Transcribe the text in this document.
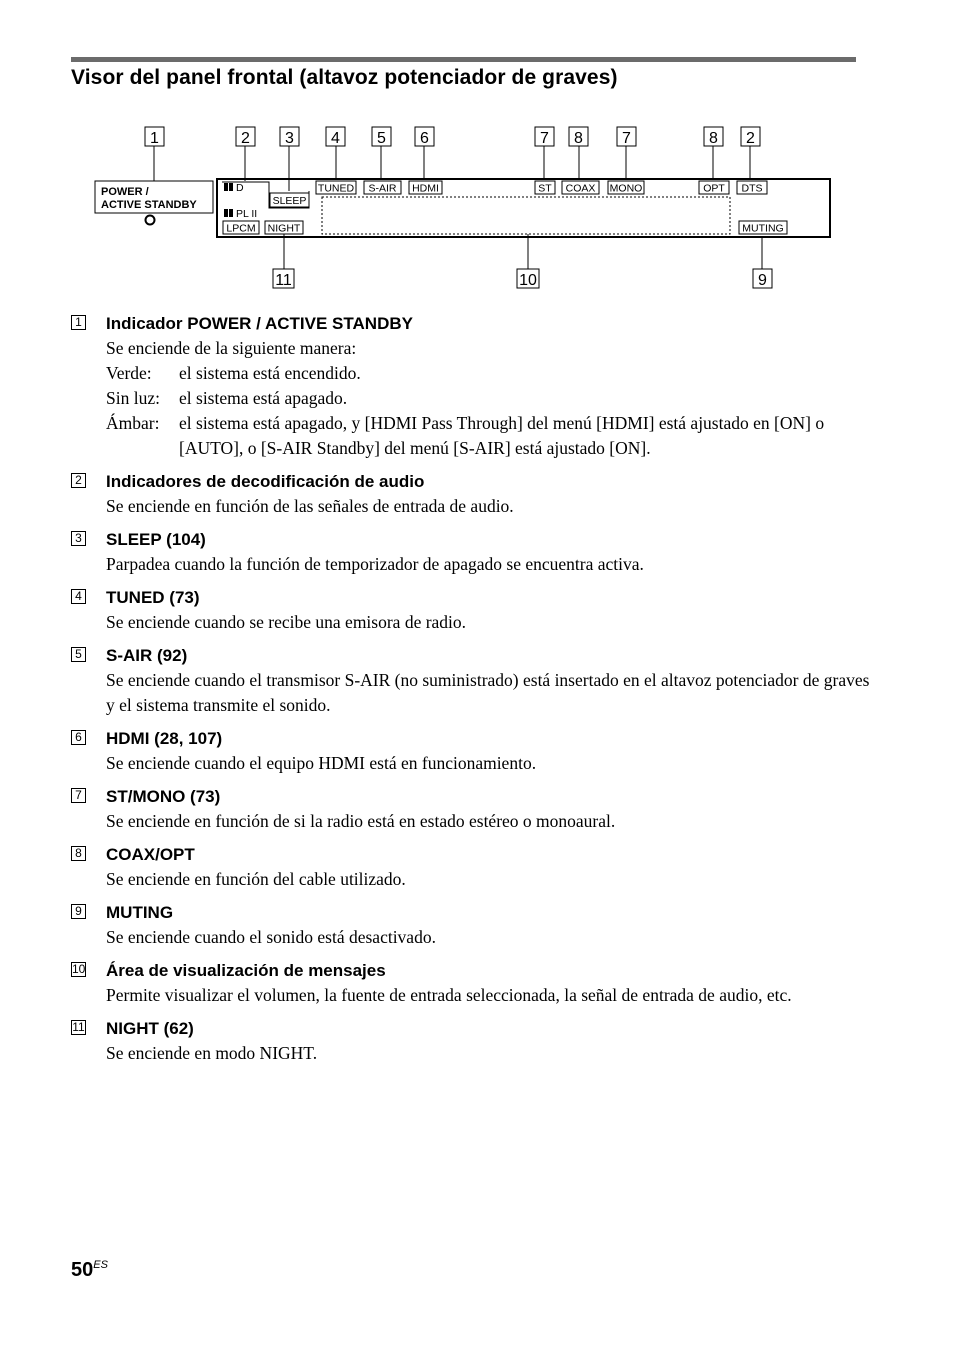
Visor del panel frontal (altavoz potenciador de graves)
1	2 3 4 5 6	7 8 7	8 2
11	10	9
POWER /
ACTIVE STANDBY
D
PL II
SLEEP
TUNED S-AIR HDMI	ST COAX MONO	OPT DTS
LPCM NIGHT	MUTING
1 Indicador POWER / ACTIVE STANDBY
Se enciende de la siguiente manera:
Verde:	el sistema está encendido.
Sin luz:	el sistema está apagado.
Ámbar:	el sistema está apagado, y [HDMI Pass Through] del menú [HDMI] está ajustado en [ON] o [AUTO], o [S-AIR Standby] del menú [S-AIR] está ajustado [ON].
2 Indicadores de decodificación de audio
Se enciende en función de las señales de entrada de audio.
3 SLEEP (104)
Parpadea cuando la función de temporizador de apagado se encuentra activa.
4 TUNED (73)
Se enciende cuando se recibe una emisora de radio.
5 S-AIR (92)
Se enciende cuando el transmisor S-AIR (no suministrado) está insertado en el altavoz potenciador de graves y el sistema transmite el sonido.
6 HDMI (28, 107)
Se enciende cuando el equipo HDMI está en funcionamiento.
7 ST/MONO (73)
Se enciende en función de si la radio está en estado estéreo o monoaural.
8 COAX/OPT
Se enciende en función del cable utilizado.
9 MUTING
Se enciende cuando el sonido está desactivado.
10 Área de visualización de mensajes
Permite visualizar el volumen, la fuente de entrada seleccionada, la señal de entrada de audio, etc.
11 NIGHT (62)
Se enciende en modo NIGHT.
$50^{ES}$
